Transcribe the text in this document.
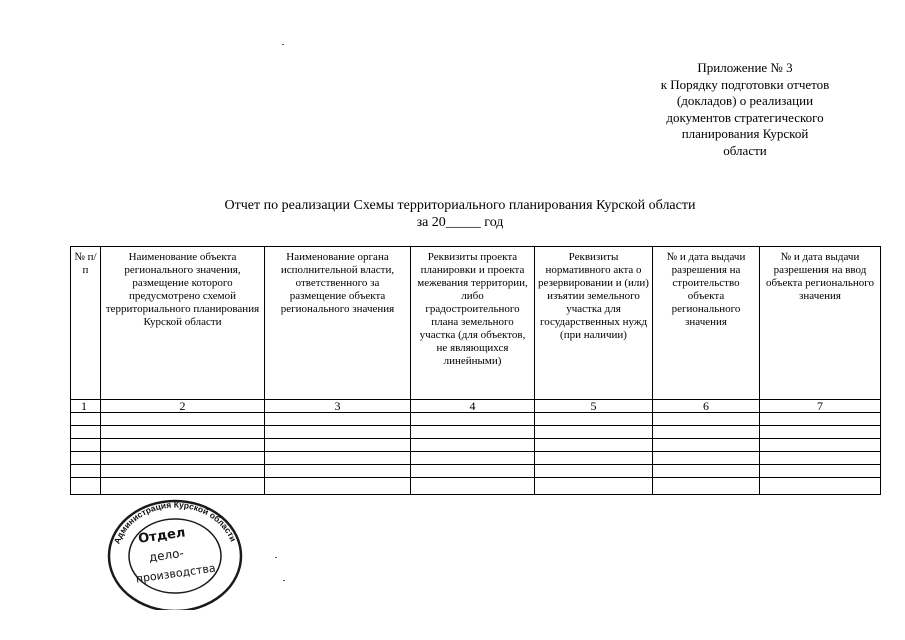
Приложение № 3
к Порядку подготовки отчетов
(докладов) о реализации
документов стратегического
планирования Курской
области
Отчет по реализации Схемы территориального планирования Курской области
за 20_____ год
№ п/п	Наименование объекта регионального значения, размещение которого предусмотрено схемой территориального планирования Курской области	Наименование органа исполнительной власти, ответственного за размещение объекта регионального значения	Реквизиты проекта планировки и проекта межевания территории, либо градостроительного плана земельного участка (для объектов, не являющихся линейными)	Реквизиты нормативного акта о резервировании и (или) изъятии земельного участка для государственных нужд (при наличии)	№ и дата выдачи разрешения на строительство объекта регионального значения	№ и дата выдачи разрешения на ввод объекта регионального значения
1	2	3	4	5	6	7

Администрация Курской области
Отдел
дело-
производства
